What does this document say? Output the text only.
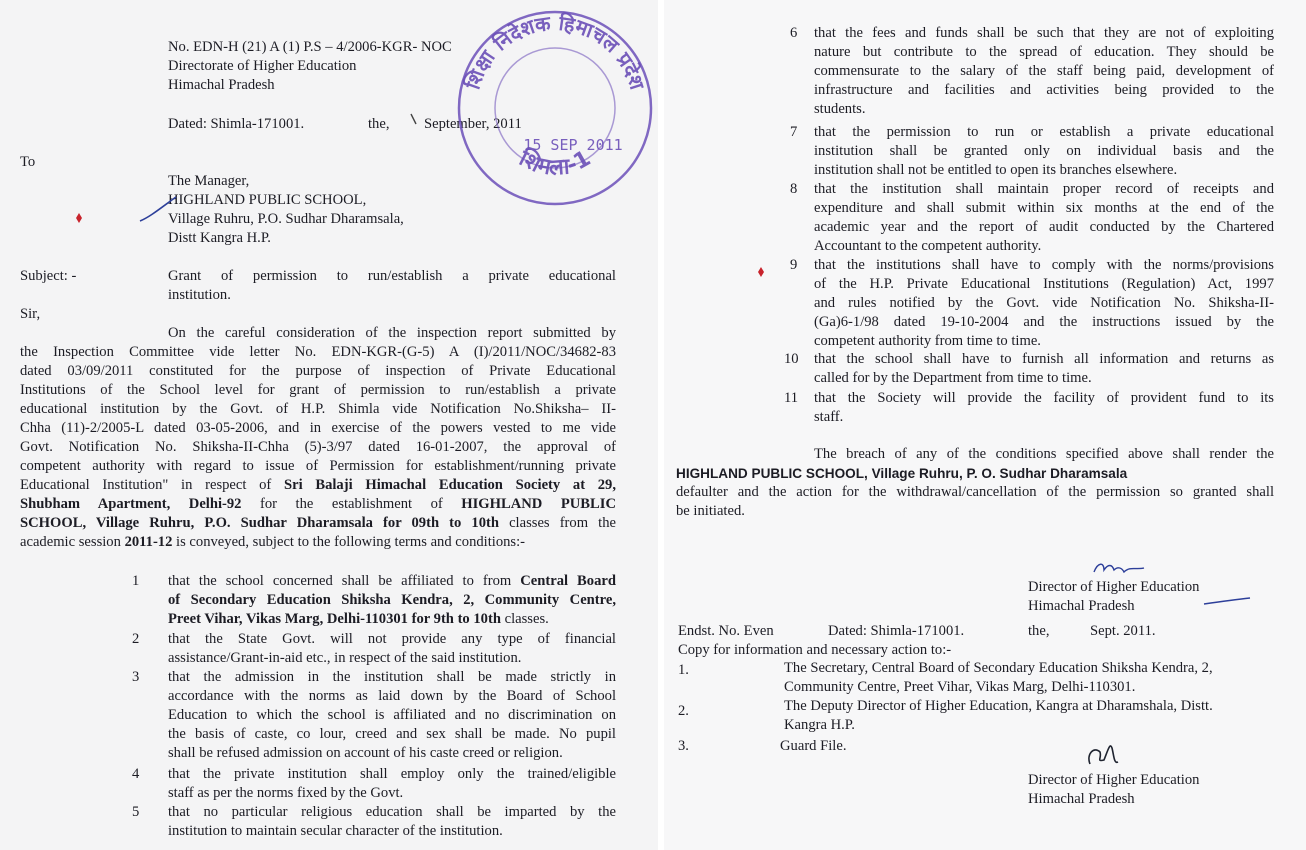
No. EDN-H (21) A (1) P.S – 4/2006-KGR- NOC
Directorate of Higher Education
Himachal Pradesh
Dated: Shimla-171001.	the, September, 2011
To
The Manager,
HIGHLAND PUBLIC SCHOOL,
Village Ruhru, P.O. Sudhar Dharamsala,
Distt Kangra H.P.
Subject: -	Grant of permission to run/establish a private educational
institution.
Sir,
On the careful consideration of the inspection report submitted by
the Inspection Committee vide letter No. EDN-KGR-(G-5) A (I)/2011/NOC/34682-83
dated 03/09/2011 constituted for the purpose of inspection of Private Educational
Institutions of the School level for grant of permission to run/establish a private
educational institution by the Govt. of H.P. Shimla vide Notification No.Shiksha– II-
Chha (11)-2/2005-L dated 03-05-2006, and in exercise of the powers vested to me vide
Govt. Notification No. Shiksha-II-Chha (5)-3/97 dated 16-01-2007, the approval of
competent authority with regard to issue of Permission for establishment/running private
Educational Institution" in respect of Sri Balaji Himachal Education Society at 29,
Shubham Apartment, Delhi-92 for the establishment of HIGHLAND PUBLIC
SCHOOL, Village Ruhru, P.O. Sudhar Dharamsala for 09th to 10th classes from the
academic session 2011-12 is conveyed, subject to the following terms and conditions:-
1 that the school concerned shall be affiliated to from Central Board
of Secondary Education Shiksha Kendra, 2, Community Centre,
Preet Vihar, Vikas Marg, Delhi-110301 for 9th to 10th classes.
2 that the State Govt. will not provide any type of financial
assistance/Grant-in-aid etc., in respect of the said institution.
3 that the admission in the institution shall be made strictly in
accordance with the norms as laid down by the Board of School
Education to which the school is affiliated and no discrimination on
the basis of caste, co lour, creed and sex shall be made. No pupil
shall be refused admission on account of his caste creed or religion.
4 that the private institution shall employ only the trained/eligible
staff as per the norms fixed by the Govt.
5 that no particular religious education shall be imparted by the
institution to maintain secular character of the institution.
शिक्षा निदेशक हिमाचल प्रदेश
15 SEP 2011
शिमला-1
6 that the fees and funds shall be such that they are not of exploiting
nature but contribute to the spread of education. They should be
commensurate to the salary of the staff being paid, development of
infrastructure and facilities and activities being provided to the
students.
7 that the permission to run or establish a private educational
institution shall be granted only on individual basis and the
institution shall not be entitled to open its branches elsewhere.
8 that the institution shall maintain proper record of receipts and
expenditure and shall submit within six months at the end of the
academic year and the report of audit conducted by the Chartered
Accountant to the competent authority.
9 that the institutions shall have to comply with the norms/provisions
of the H.P. Private Educational Institutions (Regulation) Act, 1997
and rules notified by the Govt. vide Notification No. Shiksha-II-
(Ga)6-1/98 dated 19-10-2004 and the instructions issued by the
competent authority from time to time.
10 that the school shall have to furnish all information and returns as
called for by the Department from time to time.
11 that the Society will provide the facility of provident fund to its
staff.
The breach of any of the conditions specified above shall render the
HIGHLAND PUBLIC SCHOOL, Village Ruhru, P. O. Sudhar Dharamsala
defaulter and the action for the withdrawal/cancellation of the permission so granted shall
be initiated.
Director of Higher Education
Himachal Pradesh
Endst. No. Even	Dated: Shimla-171001.	the,	Sept. 2011.
Copy for information and necessary action to:-
1.	The Secretary, Central Board of Secondary Education Shiksha Kendra, 2,
Community Centre, Preet Vihar, Vikas Marg, Delhi-110301.
2.	The Deputy Director of Higher Education, Kangra at Dharamshala, Distt.
Kangra H.P.
3.	Guard File.
Director of Higher Education
Himachal Pradesh
